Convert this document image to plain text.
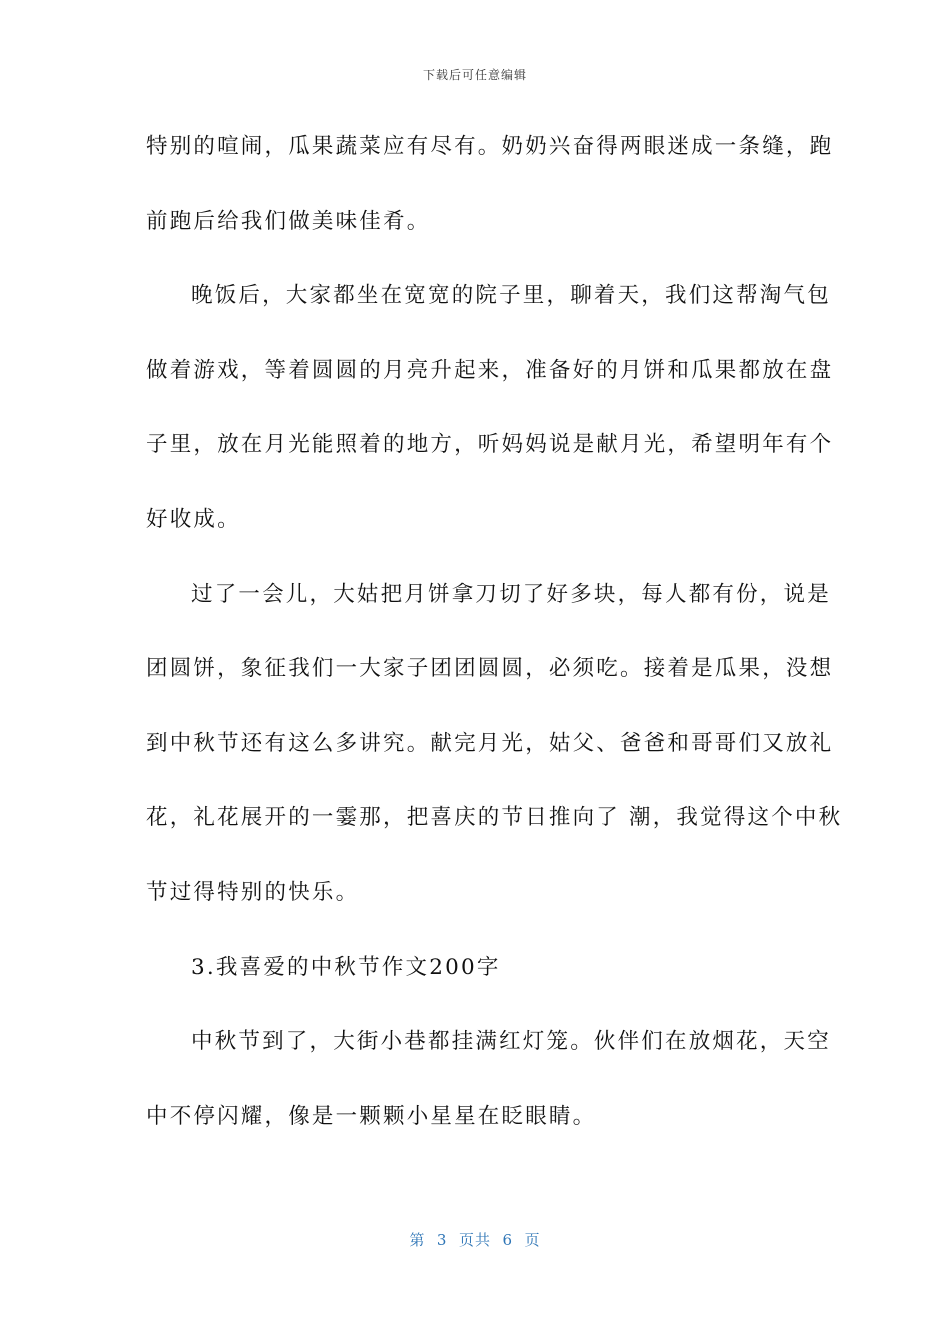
下载后可任意编辑
特别的喧闹，瓜果蔬菜应有尽有。奶奶兴奋得两眼迷成一条缝，跑
前跑后给我们做美味佳肴。
晚饭后，大家都坐在宽宽的院子里，聊着天，我们这帮淘气包
做着游戏，等着圆圆的月亮升起来，准备好的月饼和瓜果都放在盘
子里，放在月光能照着的地方，听妈妈说是献月光，希望明年有个
好收成。
过了一会儿，大姑把月饼拿刀切了好多块，每人都有份，说是
团圆饼，象征我们一大家子团团圆圆，必须吃。接着是瓜果，没想
到中秋节还有这么多讲究。献完月光，姑父、爸爸和哥哥们又放礼
花，礼花展开的一霎那，把喜庆的节日推向了 潮，我觉得这个中秋
节过得特别的快乐。
3.我喜爱的中秋节作文200字
中秋节到了，大街小巷都挂满红灯笼。伙伴们在放烟花，天空
中不停闪耀，像是一颗颗小星星在眨眼睛。
第  3  页共  6  页
